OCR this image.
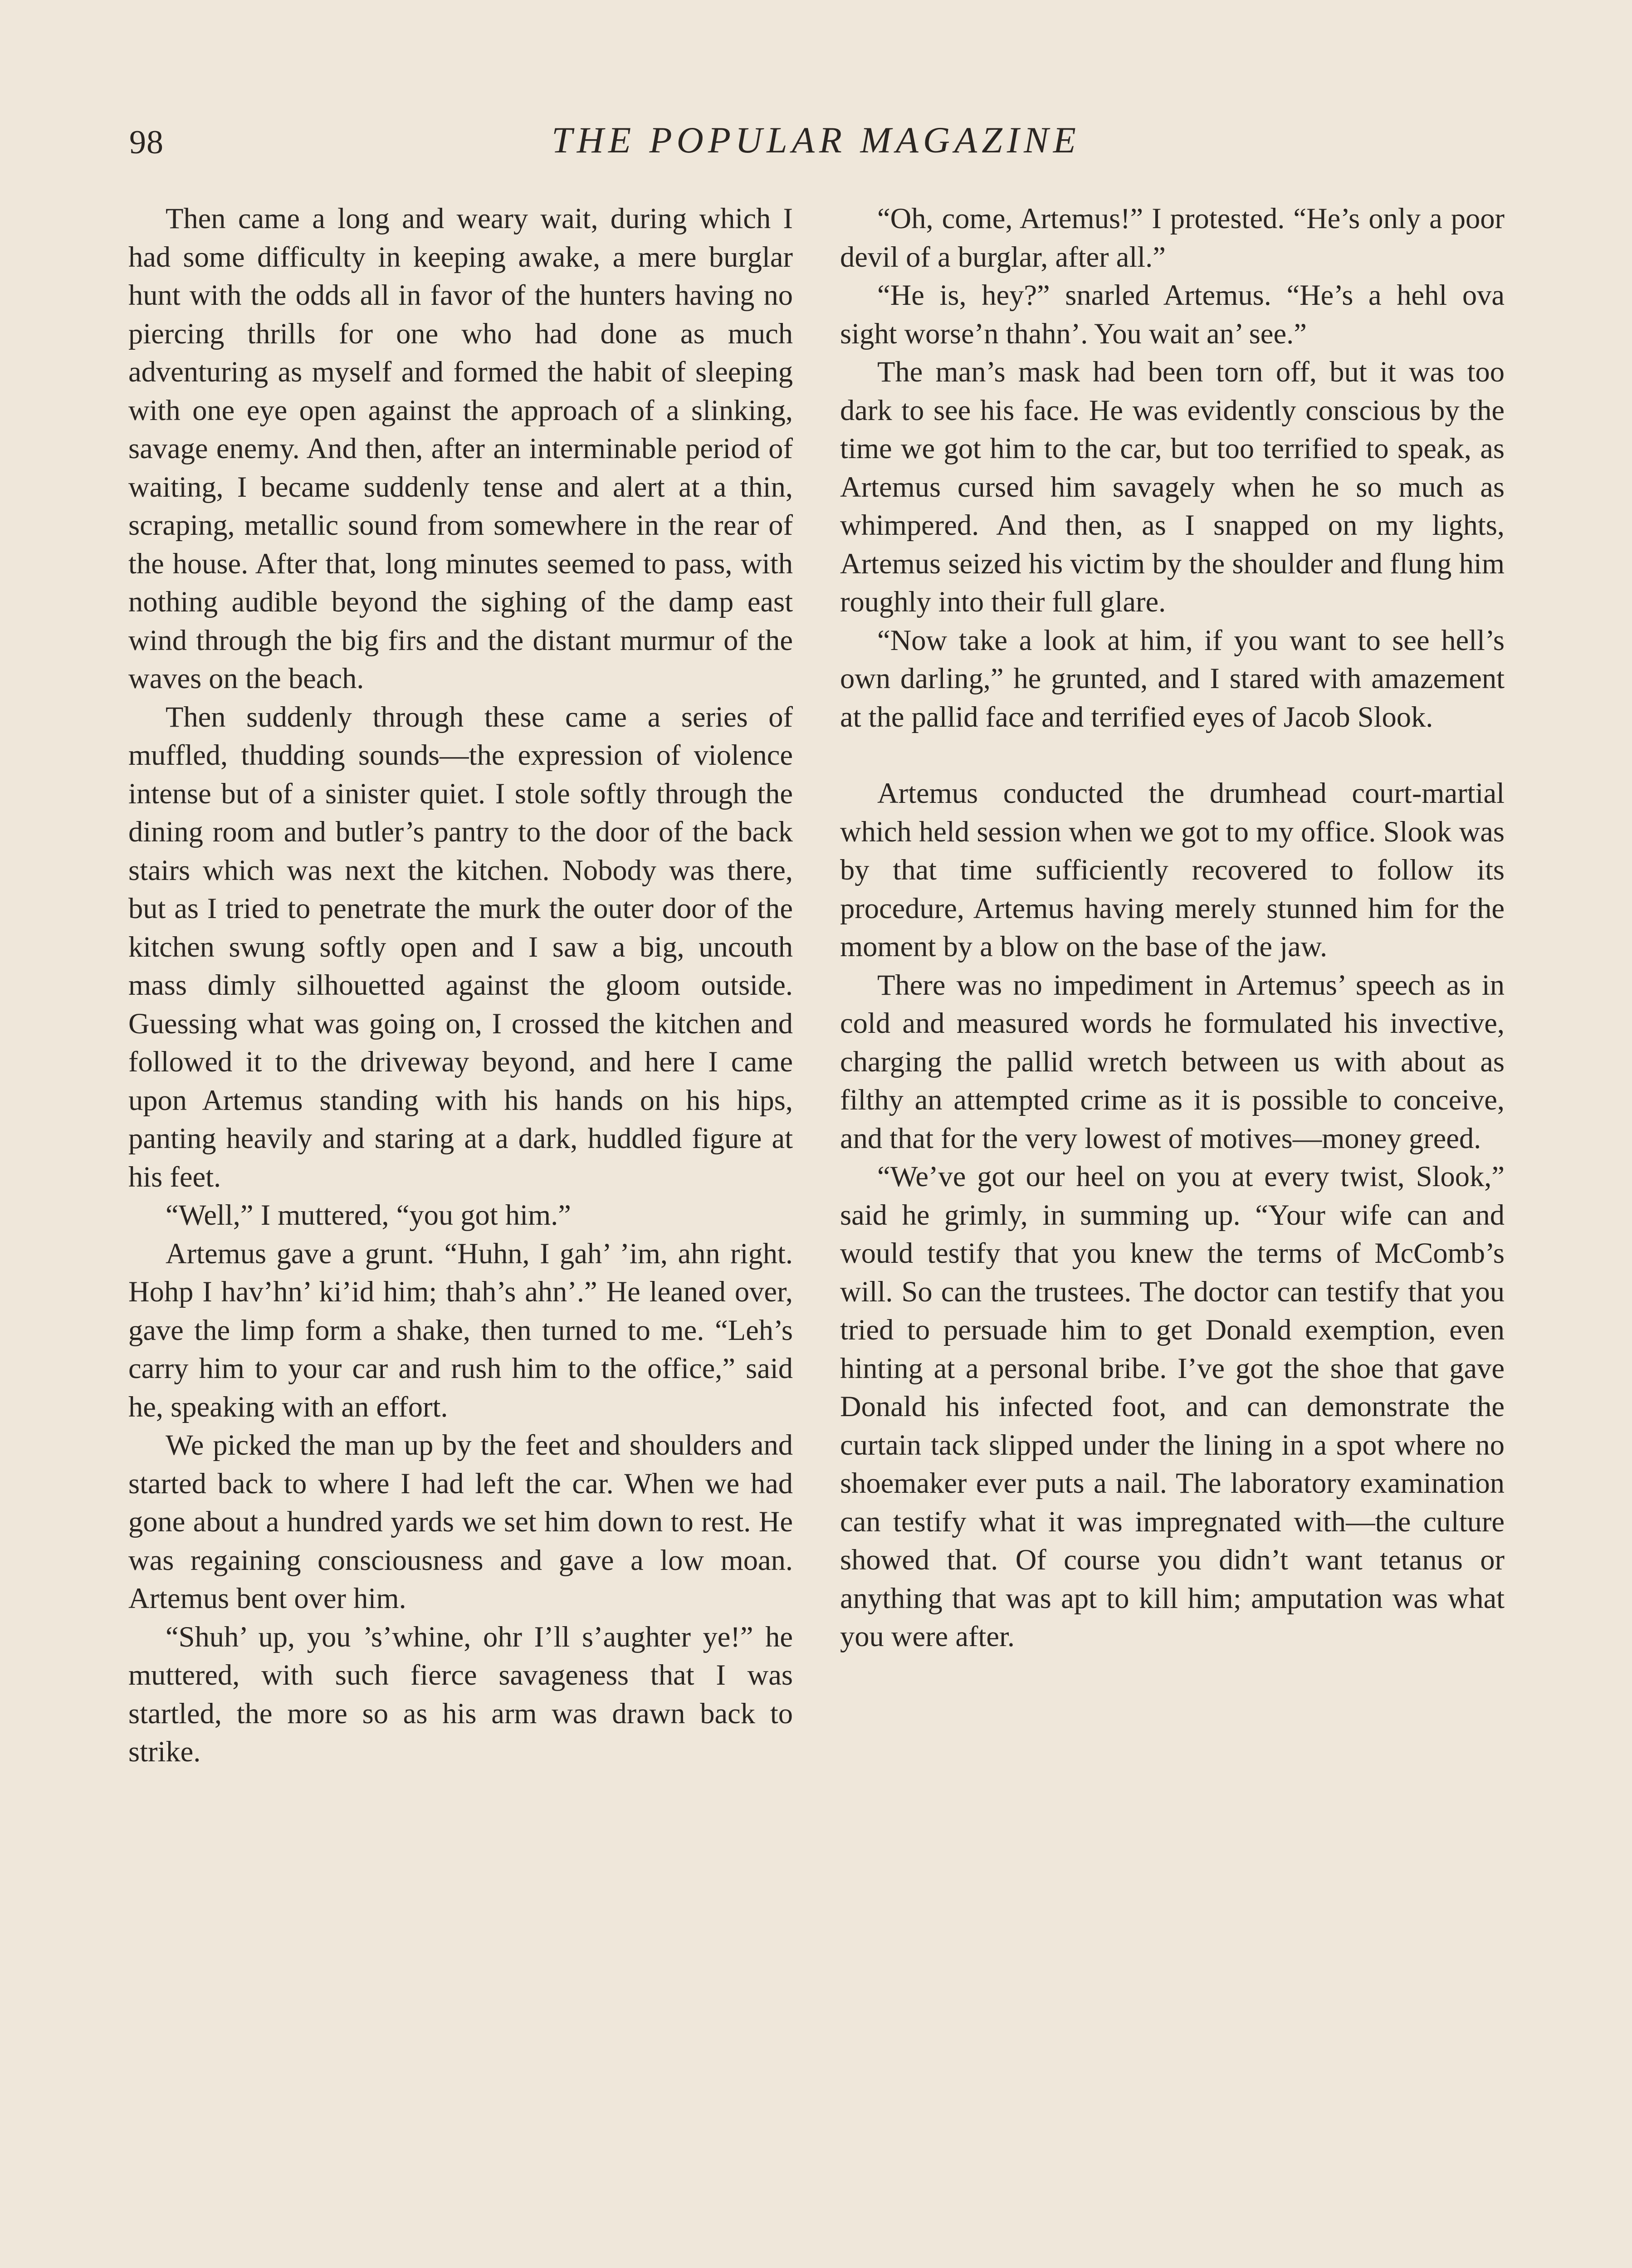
98	THE POPULAR MAGAZINE

Then came a long and weary wait, during which I had some difficulty in keeping awake, a mere burglar hunt with the odds all in favor of the hunters having no piercing thrills for one who had done as much adventuring as myself and formed the habit of sleeping with one eye open against the approach of a slinking, savage enemy. And then, after an interminable period of waiting, I became suddenly tense and alert at a thin, scraping, metallic sound from somewhere in the rear of the house. After that, long minutes seemed to pass, with nothing audible beyond the sighing of the damp east wind through the big firs and the distant murmur of the waves on the beach.

Then suddenly through these came a series of muffled, thudding sounds—the expression of violence intense but of a sinister quiet. I stole softly through the dining room and butler’s pantry to the door of the back stairs which was next the kitchen. Nobody was there, but as I tried to penetrate the murk the outer door of the kitchen swung softly open and I saw a big, uncouth mass dimly silhouetted against the gloom outside. Guessing what was going on, I crossed the kitchen and followed it to the driveway beyond, and here I came upon Artemus standing with his hands on his hips, panting heavily and staring at a dark, huddled figure at his feet.

“Well,” I muttered, “you got him.”

Artemus gave a grunt. “Huhn, I gah’ ’im, ahn right. Hohp I hav’hn’ ki’id him; thah’s ahn’.” He leaned over, gave the limp form a shake, then turned to me. “Leh’s carry him to your car and rush him to the office,” said he, speaking with an effort.

We picked the man up by the feet and shoulders and started back to where I had left the car. When we had gone about a hundred yards we set him down to rest. He was regaining consciousness and gave a low moan. Artemus bent over him.

“Shuh’ up, you ’s’whine, ohr I’ll s’aughter ye!” he muttered, with such fierce savageness that I was startled, the more so as his arm was drawn back to strike.

“Oh, come, Artemus!” I protested. “He’s only a poor devil of a burglar, after all.”

“He is, hey?” snarled Artemus. “He’s a hehl ova sight worse’n thahn’. You wait an’ see.”

The man’s mask had been torn off, but it was too dark to see his face. He was evidently conscious by the time we got him to the car, but too terrified to speak, as Artemus cursed him savagely when he so much as whimpered. And then, as I snapped on my lights, Artemus seized his victim by the shoulder and flung him roughly into their full glare.

“Now take a look at him, if you want to see hell’s own darling,” he grunted, and I stared with amazement at the pallid face and terrified eyes of Jacob Slook.

Artemus conducted the drumhead court-martial which held session when we got to my office. Slook was by that time sufficiently recovered to follow its procedure, Artemus having merely stunned him for the moment by a blow on the base of the jaw.

There was no impediment in Artemus’ speech as in cold and measured words he formulated his invective, charging the pallid wretch between us with about as filthy an attempted crime as it is possible to conceive, and that for the very lowest of motives—money greed.

“We’ve got our heel on you at every twist, Slook,” said he grimly, in summing up. “Your wife can and would testify that you knew the terms of McComb’s will. So can the trustees. The doctor can testify that you tried to persuade him to get Donald exemption, even hinting at a personal bribe. I’ve got the shoe that gave Donald his infected foot, and can demonstrate the curtain tack slipped under the lining in a spot where no shoemaker ever puts a nail. The laboratory examination can testify what it was impregnated with—the culture showed that. Of course you didn’t want tetanus or anything that was apt to kill him; amputation was what you were after.
